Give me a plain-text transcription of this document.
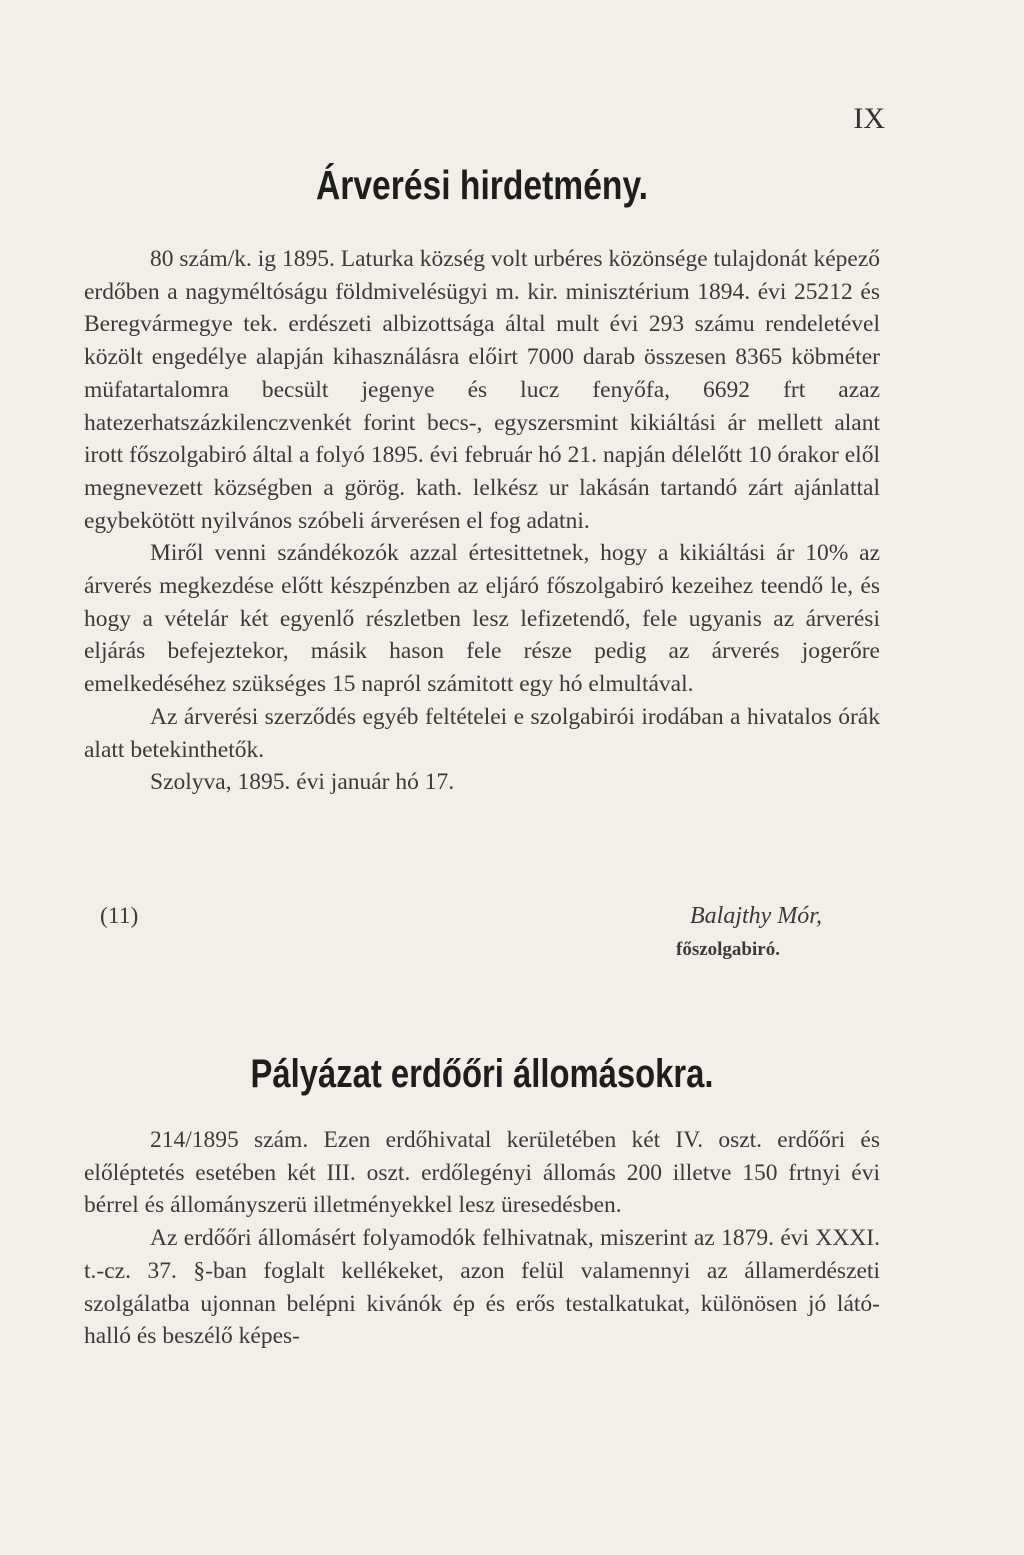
IX
Árverési hirdetmény.

80 szám/k. ig 1895. Laturka község volt urbéres közönsége tulajdonát képező erdőben a nagyméltóságu földmivelésügyi m. kir. minisztérium 1894. évi 25212 és Beregvármegye tek. erdészeti albizottsága által mult évi 293 számu rendeletével közölt engedélye alapján kihasználásra előirt 7000 darab összesen 8365 köbméter müfatartalomra becsült jegenye és lucz fenyőfa, 6692 frt azaz hatezerhatszázkilenczvenkét forint becs-, egyszersmint kikiáltási ár mellett alant irott főszolgabiró által a folyó 1895. évi február hó 21. napján délelőtt 10 órakor elől megnevezett községben a görög. kath. lelkész ur lakásán tartandó zárt ajánlattal egybekötött nyilvános szóbeli árverésen el fog adatni.

Miről venni szándékozók azzal értesittetnek, hogy a kikiáltási ár 10% az árverés megkezdése előtt készpénzben az eljáró főszolgabiró kezeihez teendő le, és hogy a vételár két egyenlő részletben lesz lefizetendő, fele ugyanis az árverési eljárás befejeztekor, másik hason fele része pedig az árverés jogerőre emelkedéséhez szükséges 15 napról számitott egy hó elmultával.

Az árverési szerződés egyéb feltételei e szolgabirói irodában a hivatalos órák alatt betekinthetők.

Szolyva, 1895. évi január hó 17.

(11)	Balajthy Mór,
főszolgabiró.
Pályázat erdőőri állomásokra.

214/1895 szám. Ezen erdőhivatal kerületében két IV. oszt. erdőőri és előléptetés esetében két III. oszt. erdőlegényi állomás 200 illetve 150 frtnyi évi bérrel és állományszerü illetményekkel lesz üresedésben.

Az erdőőri állomásért folyamodók felhivatnak, miszerint az 1879. évi XXXI. t.-cz. 37. §-ban foglalt kellékeket, azon felül valamennyi az államerdészeti szolgálatba ujonnan belépni kivánók ép és erős testalkatukat, különösen jó látó- halló és beszélő képes-
